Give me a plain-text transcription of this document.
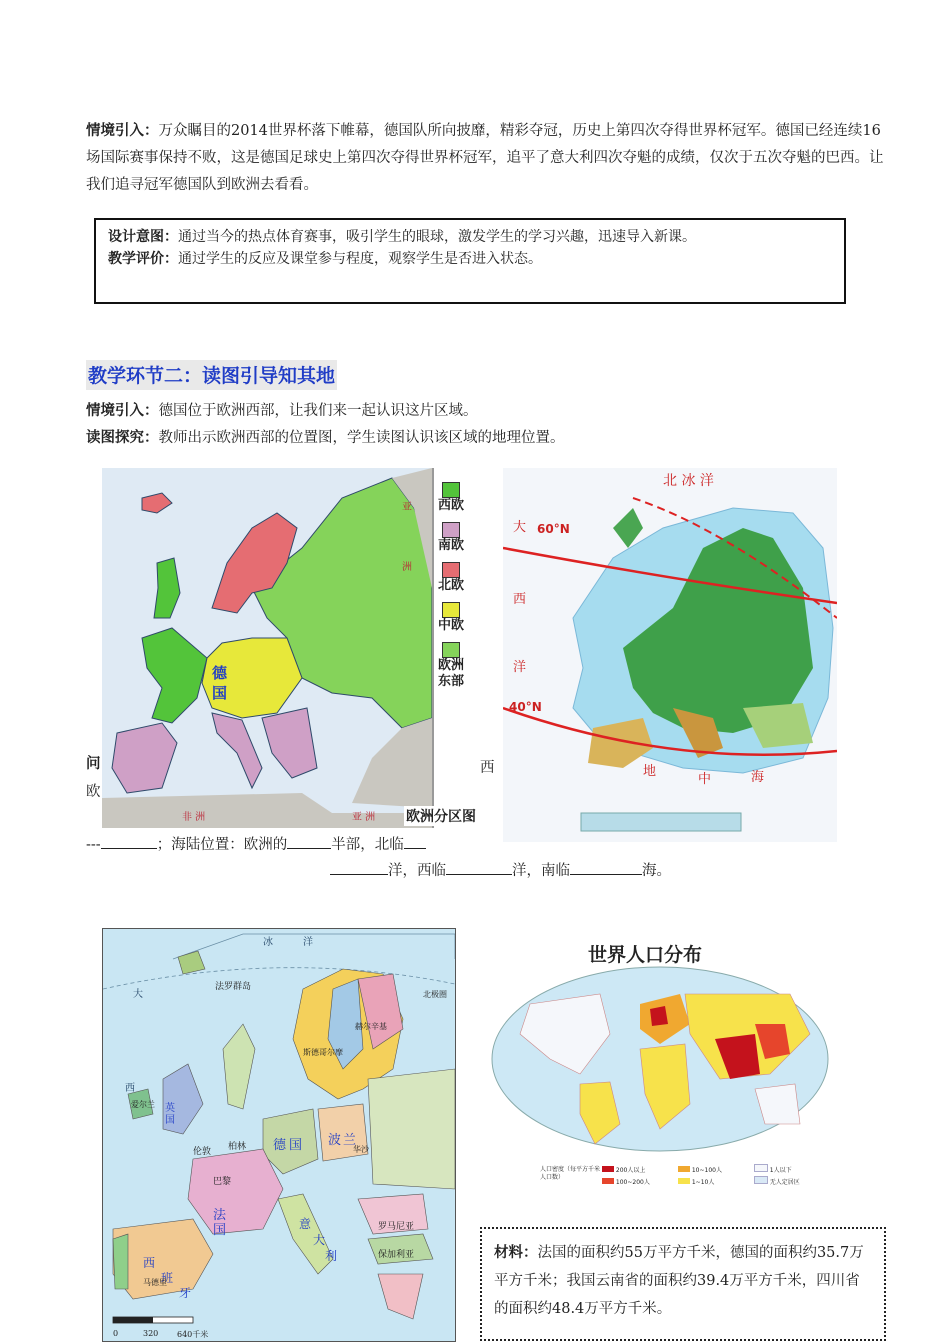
情境引入：万众瞩目的2014世界杯落下帷幕，德国队所向披靡，精彩夺冠，历史上第四次夺得世界杯冠军。德国已经连续16场国际赛事保持不败，这是德国足球史上第四次夺得世界杯冠军，追平了意大利四次夺魁的成绩，仅次于五次夺魁的巴西。让我们追寻冠军德国队到欧洲去看看。

设计意图：通过当今的热点体育赛事，吸引学生的眼球，激发学生的学习兴趣，迅速导入新课。
教学评价：通过学生的反应及课堂参与程度，观察学生是否进入状态。
教学环节二：读图引导知其地

情境引入：德国位于欧洲西部，让我们来一起认识这片区域。

读图探究：教师出示欧洲西部的位置图，学生读图认识该区域的地理位置。

问
欧
西
德国
亚
洲
非 洲	亚 洲
西欧
南欧
北欧
中欧
欧洲东部
欧洲分区图
北 冰 洋
大
西
洋
60°N
40°N
地
中	海
---	；海陆位置：欧洲的	半部，北临
洋，西临	洋，南临	海。
0	320 640千米
大
西
冰	洋
法罗群岛
英
国
爱尔兰
柏林
伦敦
巴黎
德 国
法
国
西
班
牙
马德里
斯德哥尔摩
赫尔辛基
罗马尼亚
保加利亚
波 兰
华沙
意
大
利
北极圈
世界人口分布
人口密度（每平方千米人口数）
200人以上	10~100人	1人以下  100~200人	1~10人	无人定居区
材料：法国的面积约55万平方千米，德国的面积约35.7万平方千米；我国云南省的面积约39.4万平方千米，四川省的面积约48.4万平方千米。
